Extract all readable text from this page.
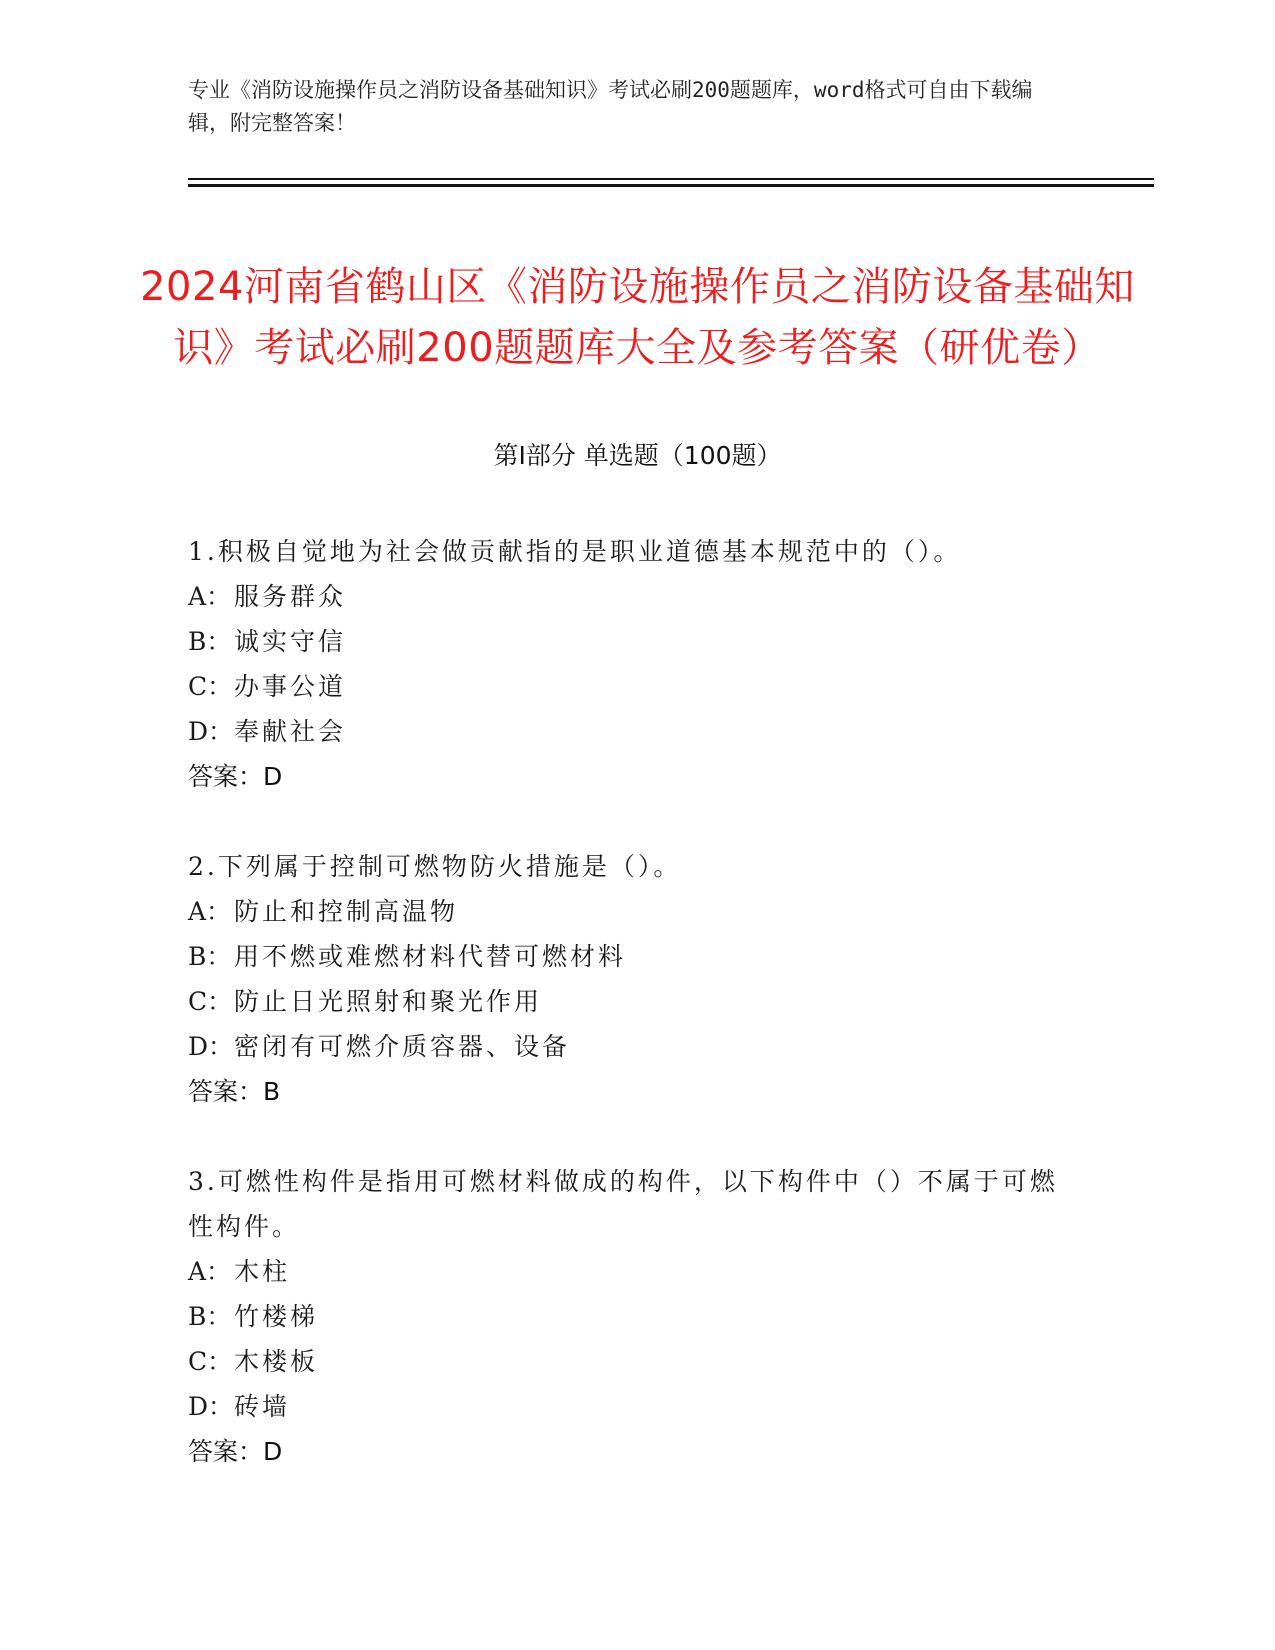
专业《消防设施操作员之消防设备基础知识》考试必刷200题题库，word格式可自由下载编辑，附完整答案！
2024河南省鹤山区《消防设施操作员之消防设备基础知识》考试必刷200题题库大全及参考答案（研优卷）
第Ⅰ部分 单选题（100题）
1.积极自觉地为社会做贡献指的是职业道德基本规范中的（）。
A： 服务群众
B： 诚实守信
C：办事公道
D：奉献社会
答案：D
2.下列属于控制可燃物防火措施是（）。
A： 防止和控制高温物
B： 用不燃或难燃材料代替可燃材料
C：防止日光照射和聚光作用
D：密闭有可燃介质容器、设备
答案：B
3.可燃性构件是指用可燃材料做成的构件，以下构件中（）不属于可燃性构件。
A： 木柱
B： 竹楼梯
C：木楼板
D：砖墙
答案：D
